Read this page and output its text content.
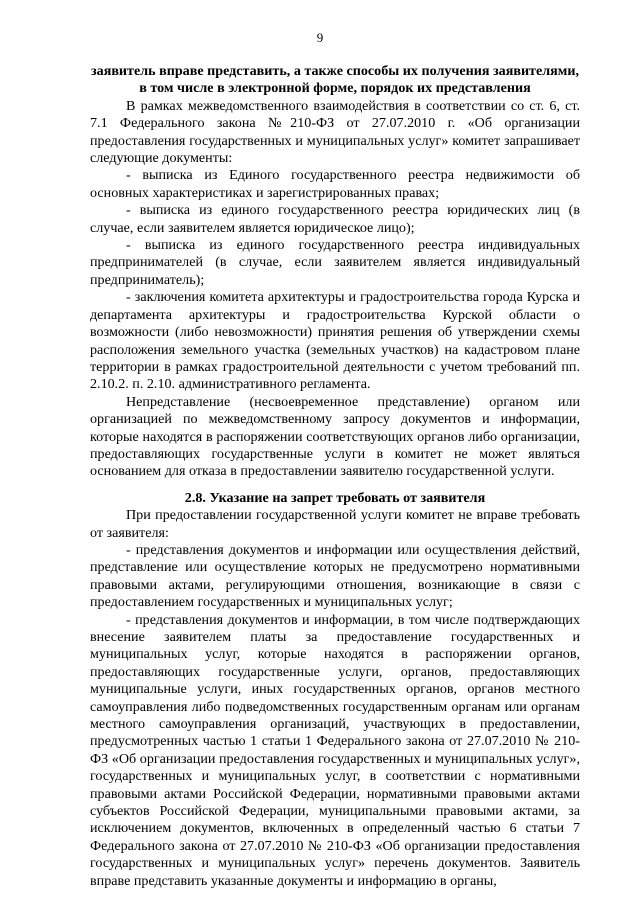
9

заявитель вправе представить, а также способы их получения заявителями, в том числе в электронной форме, порядок их представления

В рамках межведомственного взаимодействия в соответствии со ст. 6, ст. 7.1 Федерального закона №210-ФЗ от 27.07.2010 г. «Об организации предоставления государственных и муниципальных услуг» комитет запрашивает следующие документы:

- выписка из Единого государственного реестра недвижимости об основных характеристиках и зарегистрированных правах;

- выписка из единого государственного реестра юридических лиц (в случае, если заявителем является юридическое лицо);

- выписка из единого государственного реестра индивидуальных предпринимателей (в случае, если заявителем является индивидуальный предприниматель);

- заключения комитета архитектуры и градостроительства города Курска и департамента архитектуры и градостроительства Курской области о возможности (либо невозможности) принятия решения об утверждении схемы расположения земельного участка (земельных участков) на кадастровом плане территории в рамках градостроительной деятельности с учетом требований пп. 2.10.2. п. 2.10. административного регламента.

Непредставление (несвоевременное представление) органом или организацией по межведомственному запросу документов и информации, которые находятся в распоряжении соответствующих органов либо организации, предоставляющих государственные услуги в комитет не может являться основанием для отказа в предоставлении заявителю государственной услуги.

2.8. Указание на запрет требовать от заявителя

При предоставлении государственной услуги комитет не вправе требовать от заявителя:

- представления документов и информации или осуществления действий, представление или осуществление которых не предусмотрено нормативными правовыми актами, регулирующими отношения, возникающие в связи с предоставлением государственных и муниципальных услуг;

- представления документов и информации, в том числе подтверждающих внесение заявителем платы за предоставление государственных и муниципальных услуг, которые находятся в распоряжении органов, предоставляющих государственные услуги, органов, предоставляющих муниципальные услуги, иных государственных органов, органов местного самоуправления либо подведомственных государственным органам или органам местного самоуправления организаций, участвующих в предоставлении, предусмотренных частью 1 статьи 1 Федерального закона от 27.07.2010 № 210-ФЗ «Об организации предоставления государственных и муниципальных услуг», государственных и муниципальных услуг, в соответствии с нормативными правовыми актами Российской Федерации, нормативными правовыми актами субъектов Российской Федерации, муниципальными правовыми актами, за исключением документов, включенных в определенный частью 6 статьи 7 Федерального закона от 27.07.2010 № 210-ФЗ «Об организации предоставления государственных и муниципальных услуг» перечень документов. Заявитель вправе представить указанные документы и информацию в органы,
